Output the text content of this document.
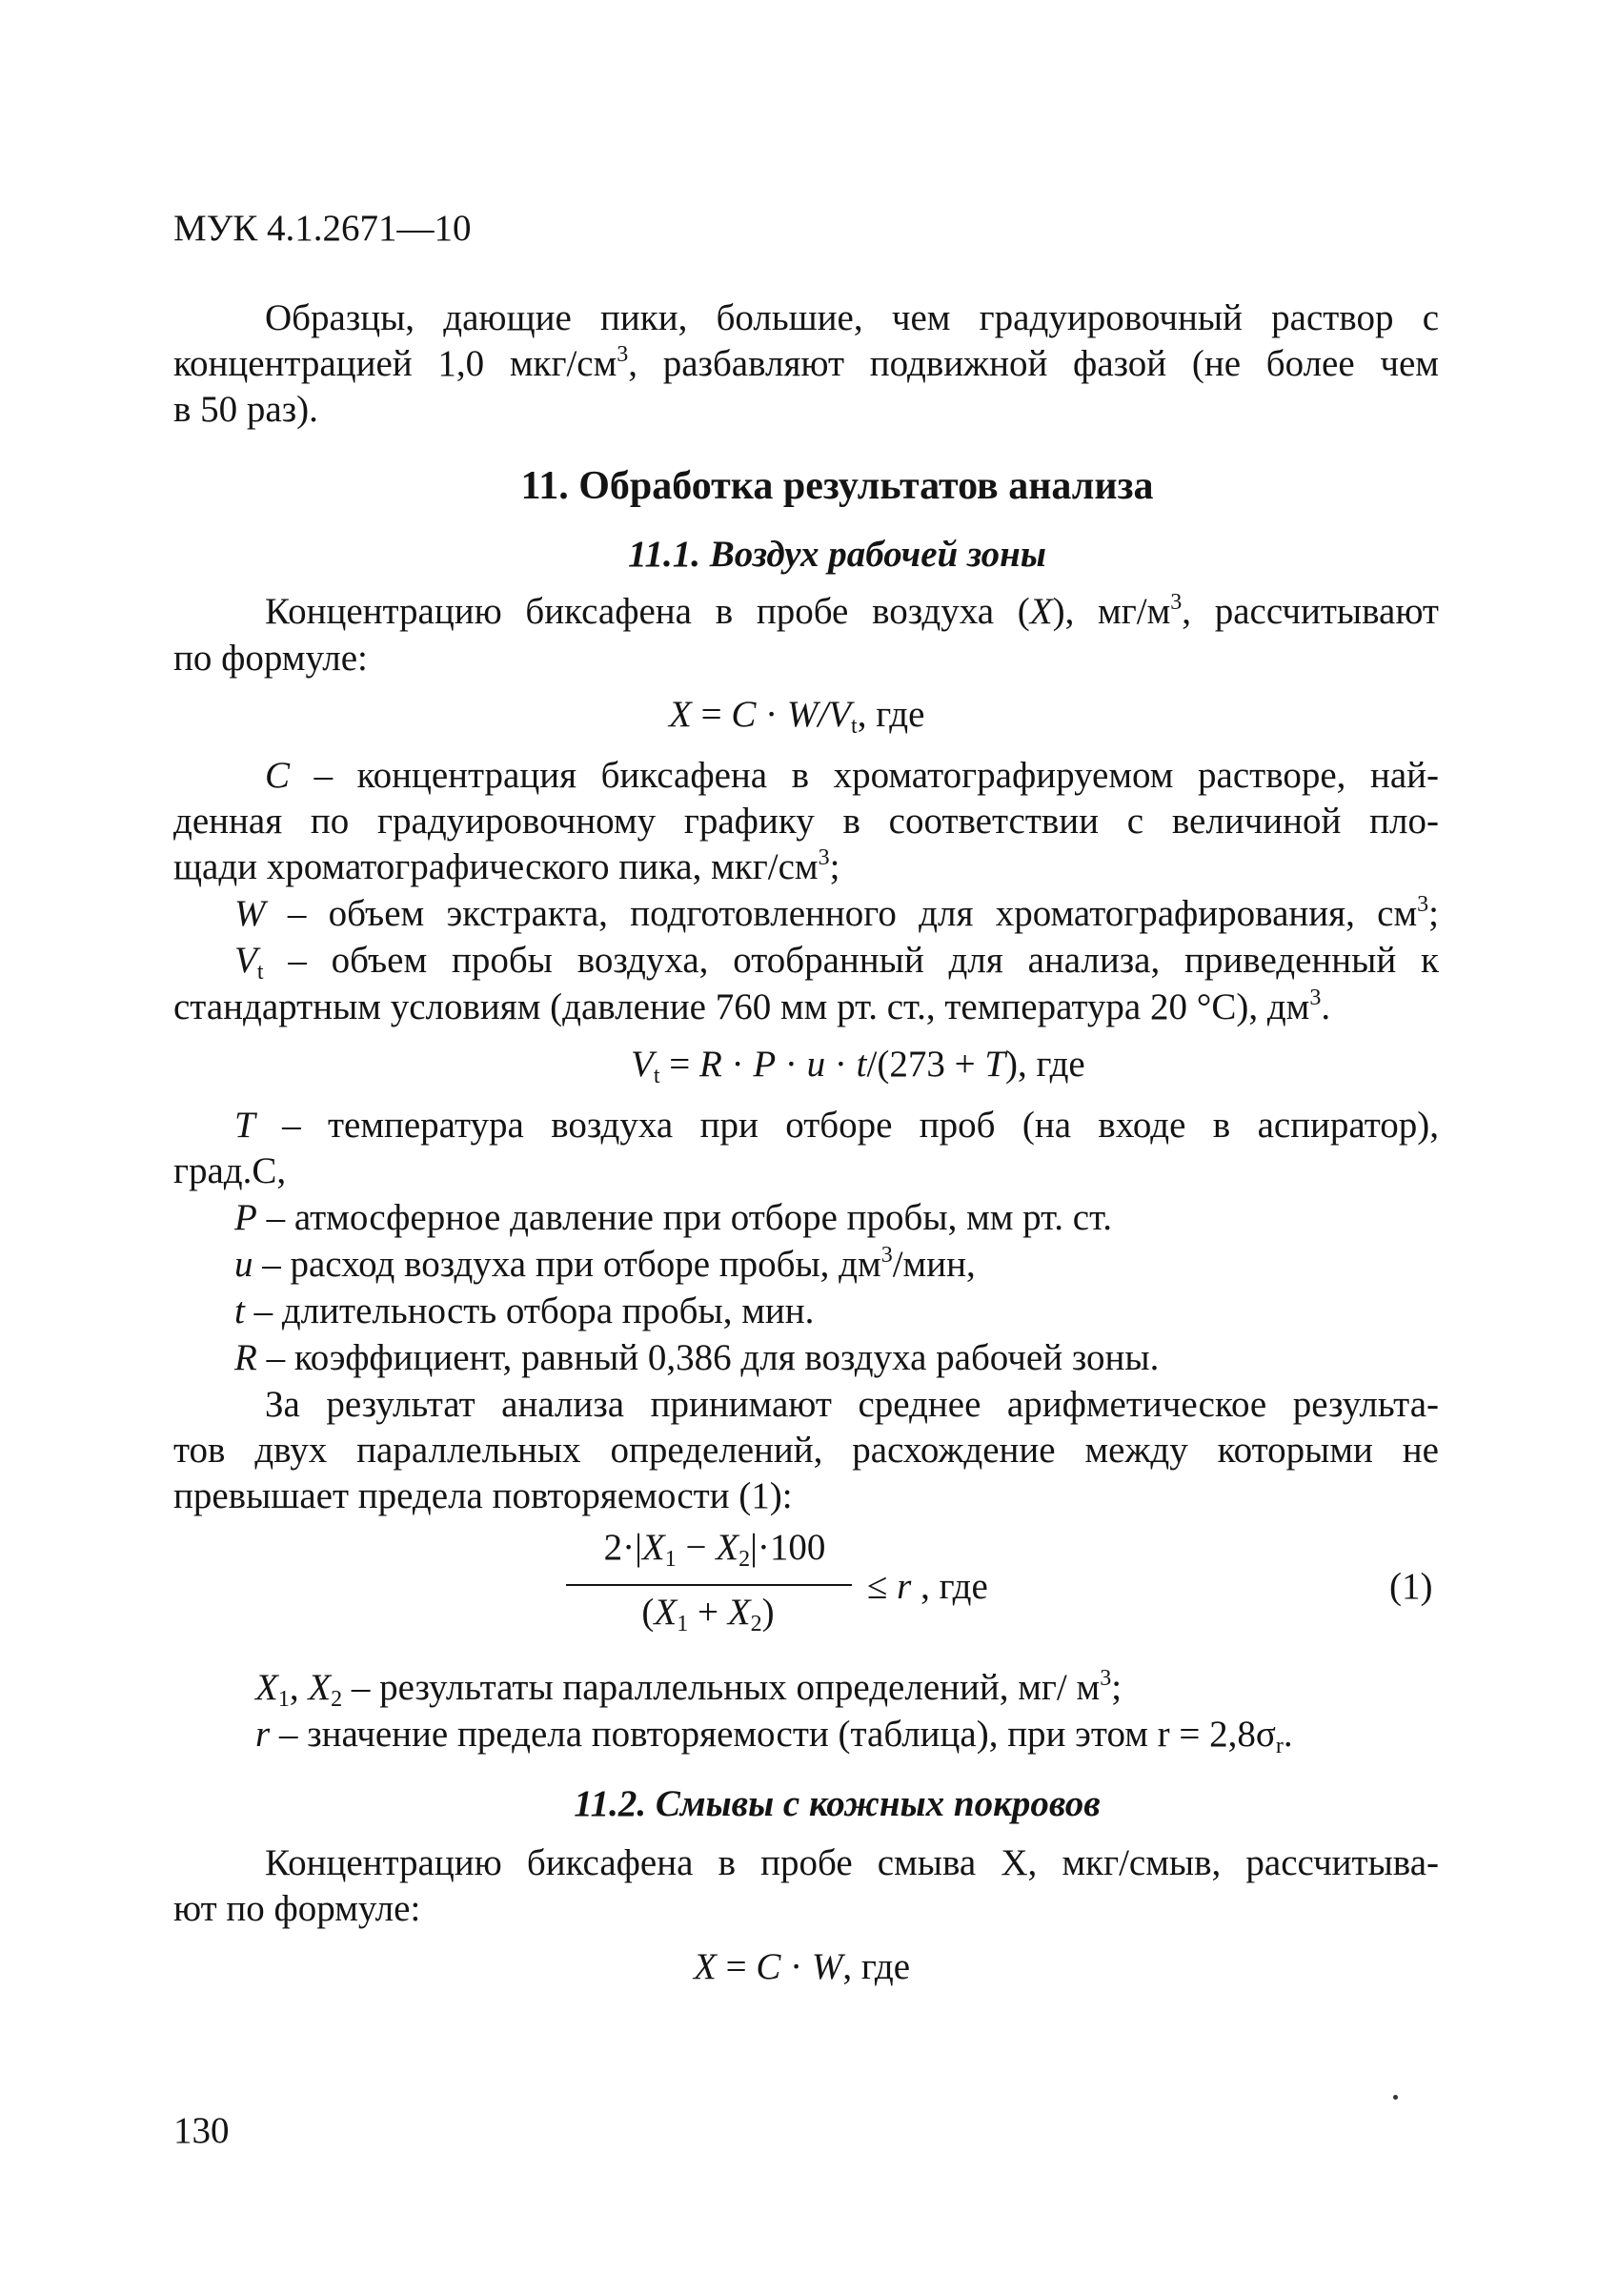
МУК 4.1.2671—10
Образцы, дающие пики, большие, чем градуировочный раствор с
концентрацией 1,0 мкг/$см^3$, разбавляют подвижной фазой (не более чем
в 50 раз).
11. Обработка результатов анализа
11.1. Воздух рабочей зоны
Концентрацию биксафена в пробе воздуха (X), $мг/м^3$, рассчитывают
по формуле:
$X = C \cdot W/V_t$, где
C – концентрация биксафена в хроматографируемом растворе, най-
денная по градуировочному графику в соответствии с величиной пло-
щади хроматографического пика, мкг/$см^3$;
W – объем экстракта, подготовленного для хроматографирования, $см^3$;
$V_t$ – объем пробы воздуха, отобранный для анализа, приведенный к
стандартным условиям (давление 760 мм рт. ст., температура 20 °С), $дм^3$.
$V_t = R \cdot P \cdot u \cdot t/(273 + T)$, где
T – температура воздуха при отборе проб (на входе в аспиратор),
град.С,
P – атмосферное давление при отборе пробы, мм рт. ст.
u – расход воздуха при отборе пробы, $дм^3$/мин,
t – длительность отбора пробы, мин.
R – коэффициент, равный 0,386 для воздуха рабочей зоны.
За результат анализа принимают среднее арифметическое результа-
тов двух параллельных определений, расхождение между которыми не
превышает предела повторяемости (1):
$2\cdot|X_1 - X_2|\cdot 100$
$(X_1 + X_2)$
≤ r , где	(1)
$X_1$, $X_2$ – результаты параллельных определений, мг/ $м^3$;
r – значение предела повторяемости (таблица), при этом $r = 2,8\sigma_r$.
11.2. Смывы с кожных покровов
Концентрацию биксафена в пробе смыва X, мкг/смыв, рассчитыва-
ют по формуле:
X = C · W, где
130
